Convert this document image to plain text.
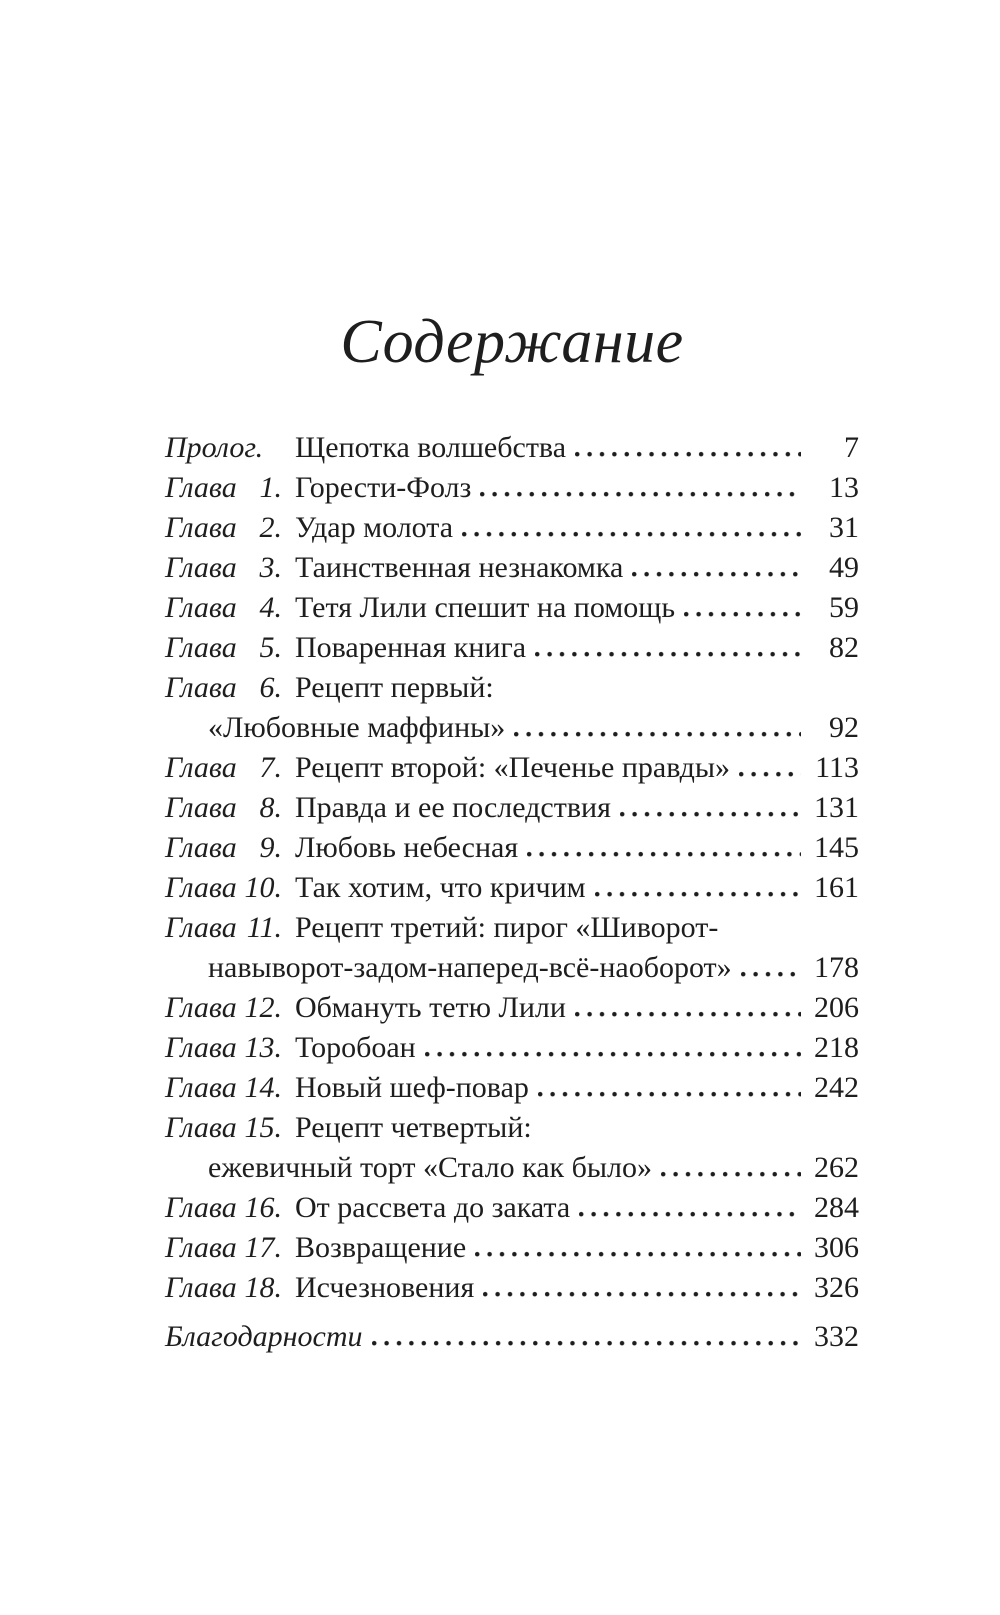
Содержание
Пролог. Щепотка волшебства	7
Глава 1. Горести-Фолз	13
Глава 2. Удар молота	31
Глава 3. Таинственная незнакомка	49
Глава 4. Тетя Лили спешит на помощь	59
Глава 5. Поваренная книга	82
Глава 6. Рецепт первый:
«Любовные маффины»	92
Глава 7. Рецепт второй: «Печенье правды»	113
Глава 8. Правда и ее последствия	131
Глава 9. Любовь небесная	145
Глава 10. Так хотим, что кричим	161
Глава 11. Рецепт третий: пирог «Шиворот-
навыворот-задом-наперед-всё-наоборот»	178
Глава 12. Обмануть тетю Лили	206
Глава 13. Торобоан	218
Глава 14. Новый шеф-повар	242
Глава 15. Рецепт четвертый:
ежевичный торт «Стало как было»	262
Глава 16. От рассвета до заката	284
Глава 17. Возвращение	306
Глава 18. Исчезновения	326
Благодарности	332
